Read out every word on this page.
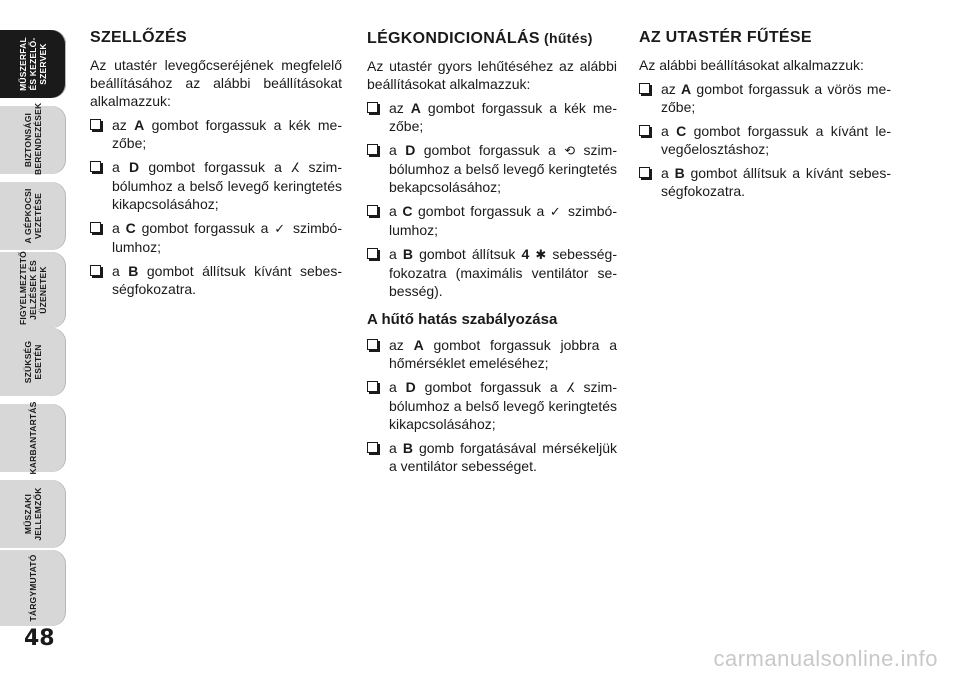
MŰSZERFAL
ÉS KEZELŐ-
SZERVEK
BIZTONSÁGI
BERENDEZÉSEK
A GÉPKOCSI
VEZETÉSE
FIGYELMEZTETŐ
JELZÉSEK ÉS
ÜZENETEK
SZÜKSÉG
ESETÉN
KARBANTARTÁS
MŰSZAKI
JELLEMZŐK
TÁRGYMUTATÓ
48
SZELLŐZÉS

Az utastér levegőcseréjének megfelelő beállításához az alábbi beállításokat alkalmazzuk:

az A gombot forgassuk a kék mezőbe;
a D gombot forgassuk a ⵃ szimbólumhoz a belső levegő keringtetés kikapcsolásához;
a C gombot forgassuk a ✓ szimbólumhoz;
a B gombot állítsuk kívánt sebességfokozatra.
LÉGKONDICIONÁLÁS (hűtés)

Az utastér gyors lehűtéséhez az alábbi beállításokat alkalmazzuk:

az A gombot forgassuk a kék mezőbe;
a D gombot forgassuk a ⟲ szimbólumhoz a belső levegő keringtetés bekapcsolásához;
a C gombot forgassuk a ✓ szimbólumhoz;
a B gombot állítsuk 4 ✱ sebességfokozatra (maximális ventilátor sebesség).
A hűtő hatás szabályozása
az A gombot forgassuk jobbra a hőmérséklet emeléséhez;
a D gombot forgassuk a ⵃ szimbólumhoz a belső levegő keringtetés kikapcsolásához;
a B gomb forgatásával mérsékeljük a ventilátor sebességet.
AZ UTASTÉR FŰTÉSE

Az alábbi beállításokat alkalmazzuk:

az A gombot forgassuk a vörös mezőbe;
a C gombot forgassuk a kívánt levegőelosztáshoz;
a B gombot állítsuk a kívánt sebességfokozatra.
carmanualsonline.info
